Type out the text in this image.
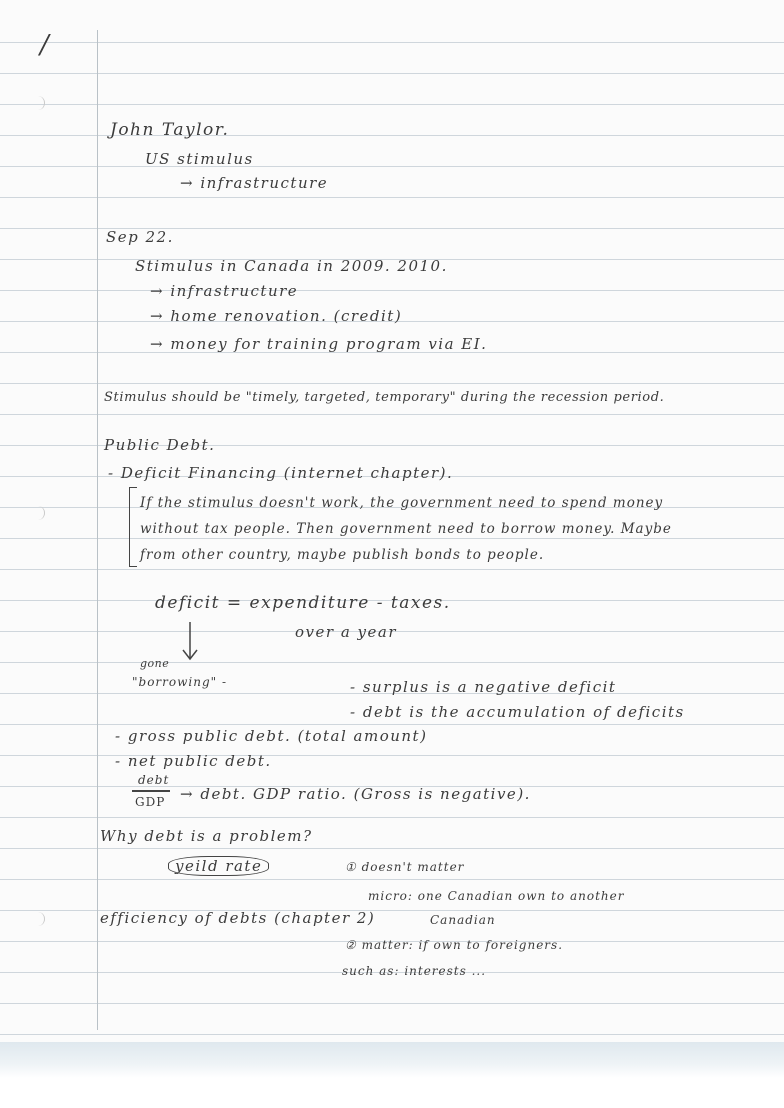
/
John Taylor.
US stimulus
→ infrastructure
Sep 22.
Stimulus in Canada in 2009. 2010.
→ infrastructure
→ home renovation. (credit)
→ money for training program via EI.
Stimulus should be "timely, targeted, temporary" during the recession period.
Public Debt.
- Deficit Financing (internet chapter).
If the stimulus doesn't work, the government need to spend money
without tax people. Then government need to borrow money. Maybe
from other country, maybe publish bonds to people.
deficit = expenditure - taxes.
over a year
gone
"borrowing" -	- surplus is a negative deficit
- debt is the accumulation of deficits
- gross public debt. (total amount)
- net public debt.
debt
GDP → debt. GDP ratio. (Gross is negative).
Why debt is a problem?
yeild rate	① doesn't matter
micro: one Canadian own to another
efficiency of debts (chapter 2)	Canadian
② matter: if own to foreigners.
such as: interests ...
